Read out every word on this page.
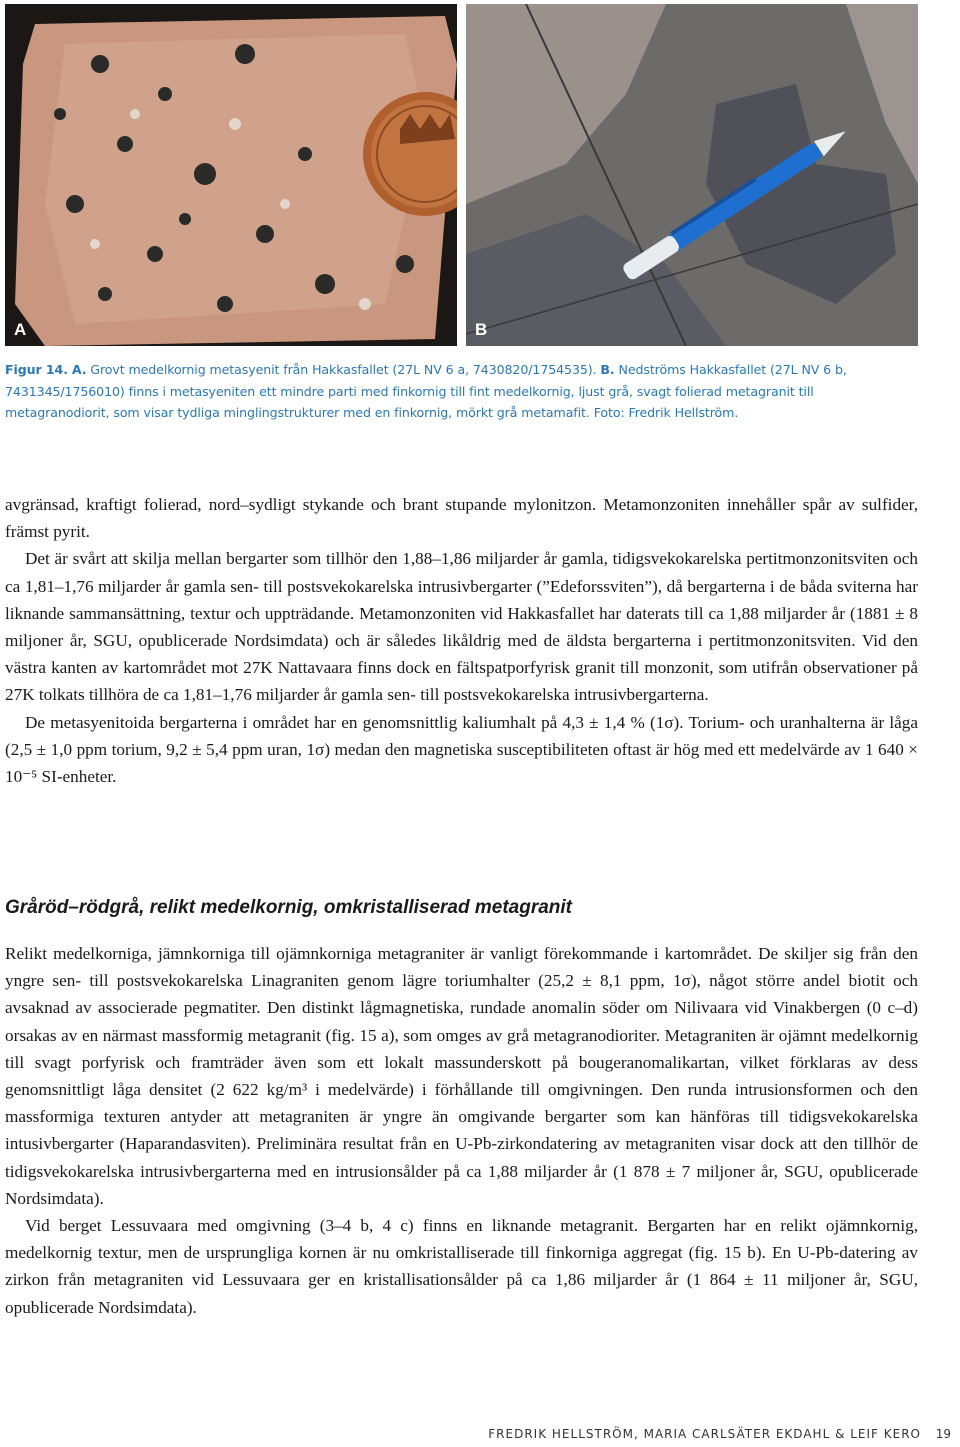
A	B
Figur 14. A. Grovt medelkornig metasyenit från Hakkasfallet (27L NV 6 a, 7430820/1754535). B. Nedströms Hakkasfallet (27L NV 6 b, 7431345/1756010) finns i metasyeniten ett mindre parti med finkornig till fint medelkornig, ljust grå, svagt folierad metagranit till metagranodiorit, som visar tydliga minglingstrukturer med en finkornig, mörkt grå metamafit. Foto: Fredrik Hellström.

avgränsad, kraftigt folierad, nord–sydligt stykande och brant stupande mylonitzon. Metamonzoniten innehåller spår av sulfider, främst pyrit.

Det är svårt att skilja mellan bergarter som tillhör den 1,88–1,86 miljarder år gamla, tidigsvekokarelska pertitmonzonitsviten och ca 1,81–1,76 miljarder år gamla sen- till postsvekokarelska intrusivbergarter (”Edeforssviten”), då bergarterna i de båda sviterna har liknande sammansättning, textur och uppträdande. Metamonzoniten vid Hakkasfallet har daterats till ca 1,88 miljarder år (1881 ± 8 miljoner år, SGU, opublicerade Nordsimdata) och är således likåldrig med de äldsta bergarterna i pertitmonzonitsviten. Vid den västra kanten av kartområdet mot 27K Nattavaara finns dock en fältspatporfyrisk granit till monzonit, som utifrån observationer på 27K tolkats tillhöra de ca 1,81–1,76 miljarder år gamla sen- till postsvekokarelska intrusivbergarterna.

De metasyenitoida bergarterna i området har en genomsnittlig kaliumhalt på 4,3 ± 1,4 % (1σ). Torium- och uranhalterna är låga (2,5 ± 1,0 ppm torium, 9,2 ± 5,4 ppm uran, 1σ) medan den magnetiska susceptibiliteten oftast är hög med ett medelvärde av 1 640 × 10⁻⁵ SI-enheter.

Gråröd–rödgrå, relikt medelkornig, omkristalliserad metagranit

Relikt medelkorniga, jämnkorniga till ojämnkorniga metagraniter är vanligt förekommande i kartområdet. De skiljer sig från den yngre sen- till postsvekokarelska Linagraniten genom lägre toriumhalter (25,2 ± 8,1 ppm, 1σ), något större andel biotit och avsaknad av associerade pegmatiter. Den distinkt lågmagnetiska, rundade anomalin söder om Nilivaara vid Vinakbergen (0 c–d) orsakas av en närmast massformig metagranit (fig. 15 a), som omges av grå metagranodioriter. Metagraniten är ojämnt medelkornig till svagt porfyrisk och framträder även som ett lokalt massunderskott på bougeranomalikartan, vilket förklaras av dess genomsnittligt låga densitet (2 622 kg/m³ i medelvärde) i förhållande till omgivningen. Den runda intrusionsformen och den massformiga texturen antyder att metagraniten är yngre än omgivande bergarter som kan hänföras till tidigsvekokarelska intusivbergarter (Haparandasviten). Preliminära resultat från en U-Pb-zirkondatering av metagraniten visar dock att den tillhör de tidigsvekokarelska intrusivbergarterna med en intrusionsålder på ca 1,88 miljarder år (1 878 ± 7 miljoner år, SGU, opublicerade Nordsimdata).

Vid berget Lessuvaara med omgivning (3–4 b, 4 c) finns en liknande metagranit. Bergarten har en relikt ojämnkornig, medelkornig textur, men de ursprungliga kornen är nu omkristalliserade till finkorniga aggregat (fig. 15 b). En U-Pb-datering av zirkon från metagraniten vid Lessuvaara ger en kristallisationsålder på ca 1,86 miljarder år (1 864 ± 11 miljoner år, SGU, opublicerade Nordsimdata).

FREDRIK HELLSTRÖM, MARIA CARLSÄTER EKDAHL & LEIF KERO 19
